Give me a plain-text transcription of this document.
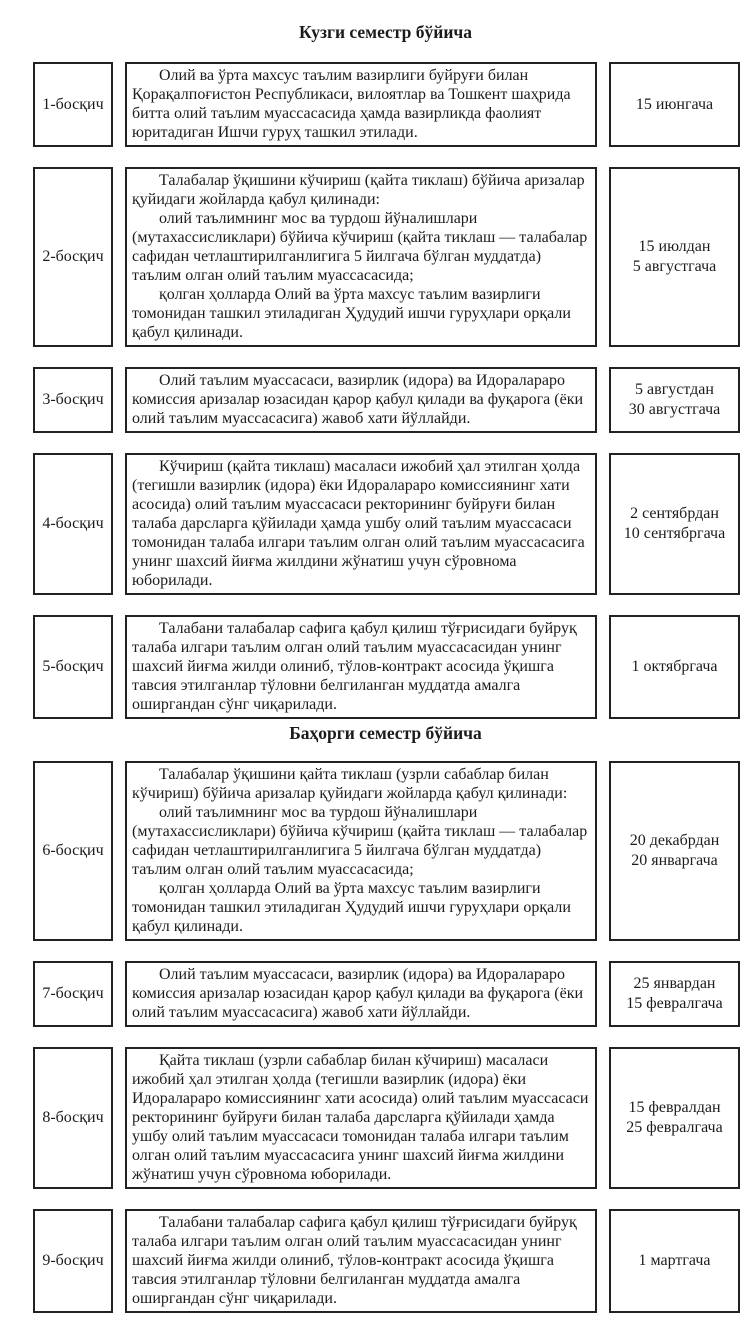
Кузги семестр бўйича
1-босқич

Олий ва ўрта махсус таълим вазирлиги буйруғи билан Қорақалпоғистон Республикаси, вилоятлар ва Тошкент шаҳрида битта олий таълим муассасасида ҳамда вазирликда фаолият юритадиган Ишчи гуруҳ ташкил этилади.

15 июнгача
2-босқич

Талабалар ўқишини кўчириш (қайта тиклаш) бўйича аризалар қуйидаги жойларда қабул қилинади:

олий таълимнинг мос ва турдош йўналишлари (мутахассисликлари) бўйича кўчириш (қайта тиклаш — талабалар сафидан четлаштирилганлигига 5 йилгача бўлган муддатда) таълим олган олий таълим муассасасида;

қолган ҳолларда Олий ва ўрта махсус таълим вазирлиги томонидан ташкил этиладиган Ҳудудий ишчи гуруҳлари орқали қабул қилинади.

15 июлдан
5 августгача
3-босқич

Олий таълим муассасаси, вазирлик (идора) ва Идоралараро комиссия аризалар юзасидан қарор қабул қилади ва фуқарога (ёки олий таълим муассасасига) жавоб хати йўллайди.

5 августдан
30 августгача
4-босқич

Кўчириш (қайта тиклаш) масаласи ижобий ҳал этилган ҳолда (тегишли вазирлик (идора) ёки Идоралараро комиссиянинг хати асосида) олий таълим муассасаси ректорининг буйруғи билан талаба дарсларга қўйилади ҳамда ушбу олий таълим муассасаси томонидан талаба илгари таълим олган олий таълим муассасасига унинг шахсий йиғма жилдини жўнатиш учун сўровнома юборилади.

2 сентябрдан
10 сентябргача
5-босқич

Талабани талабалар сафига қабул қилиш тўғрисидаги буйруқ талаба илгари таълим олган олий таълим муассасасидан унинг шахсий йиғма жилди олиниб, тўлов-контракт асосида ўқишга тавсия этилганлар тўловни белгиланган муддатда амалга оширгандан сўнг чиқарилади.

1 октябргача
Баҳорги семестр бўйича
6-босқич

Талабалар ўқишини қайта тиклаш (узрли сабаблар билан кўчириш) бўйича аризалар қуйидаги жойларда қабул қилинади:

олий таълимнинг мос ва турдош йўналишлари (мутахассисликлари) бўйича кўчириш (қайта тиклаш — талабалар сафидан четлаштирилганлигига 5 йилгача бўлган муддатда) таълим олган олий таълим муассасасида;

қолган ҳолларда Олий ва ўрта махсус таълим вазирлиги томонидан ташкил этиладиган Ҳудудий ишчи гуруҳлари орқали қабул қилинади.

20 декабрдан
20 январгача
7-босқич

Олий таълим муассасаси, вазирлик (идора) ва Идоралараро комиссия аризалар юзасидан қарор қабул қилади ва фуқарога (ёки олий таълим муассасасига) жавоб хати йўллайди.

25 январдан
15 февралгача
8-босқич

Қайта тиклаш (узрли сабаблар билан кўчириш) масаласи ижобий ҳал этилган ҳолда (тегишли вазирлик (идора) ёки Идоралараро комиссиянинг хати асосида) олий таълим муассасаси ректорининг буйруғи билан талаба дарсларга қўйилади ҳамда ушбу олий таълим муассасаси томонидан талаба илгари таълим олган олий таълим муассасасига унинг шахсий йиғма жилдини жўнатиш учун сўровнома юборилади.

15 февралдан
25 февралгача
9-босқич

Талабани талабалар сафига қабул қилиш тўғрисидаги буйруқ талаба илгари таълим олган олий таълим муассасасидан унинг шахсий йиғма жилди олиниб, тўлов-контракт асосида ўқишга тавсия этилганлар тўловни белгиланган муддатда амалга оширгандан сўнг чиқарилади.

1 мартгача
